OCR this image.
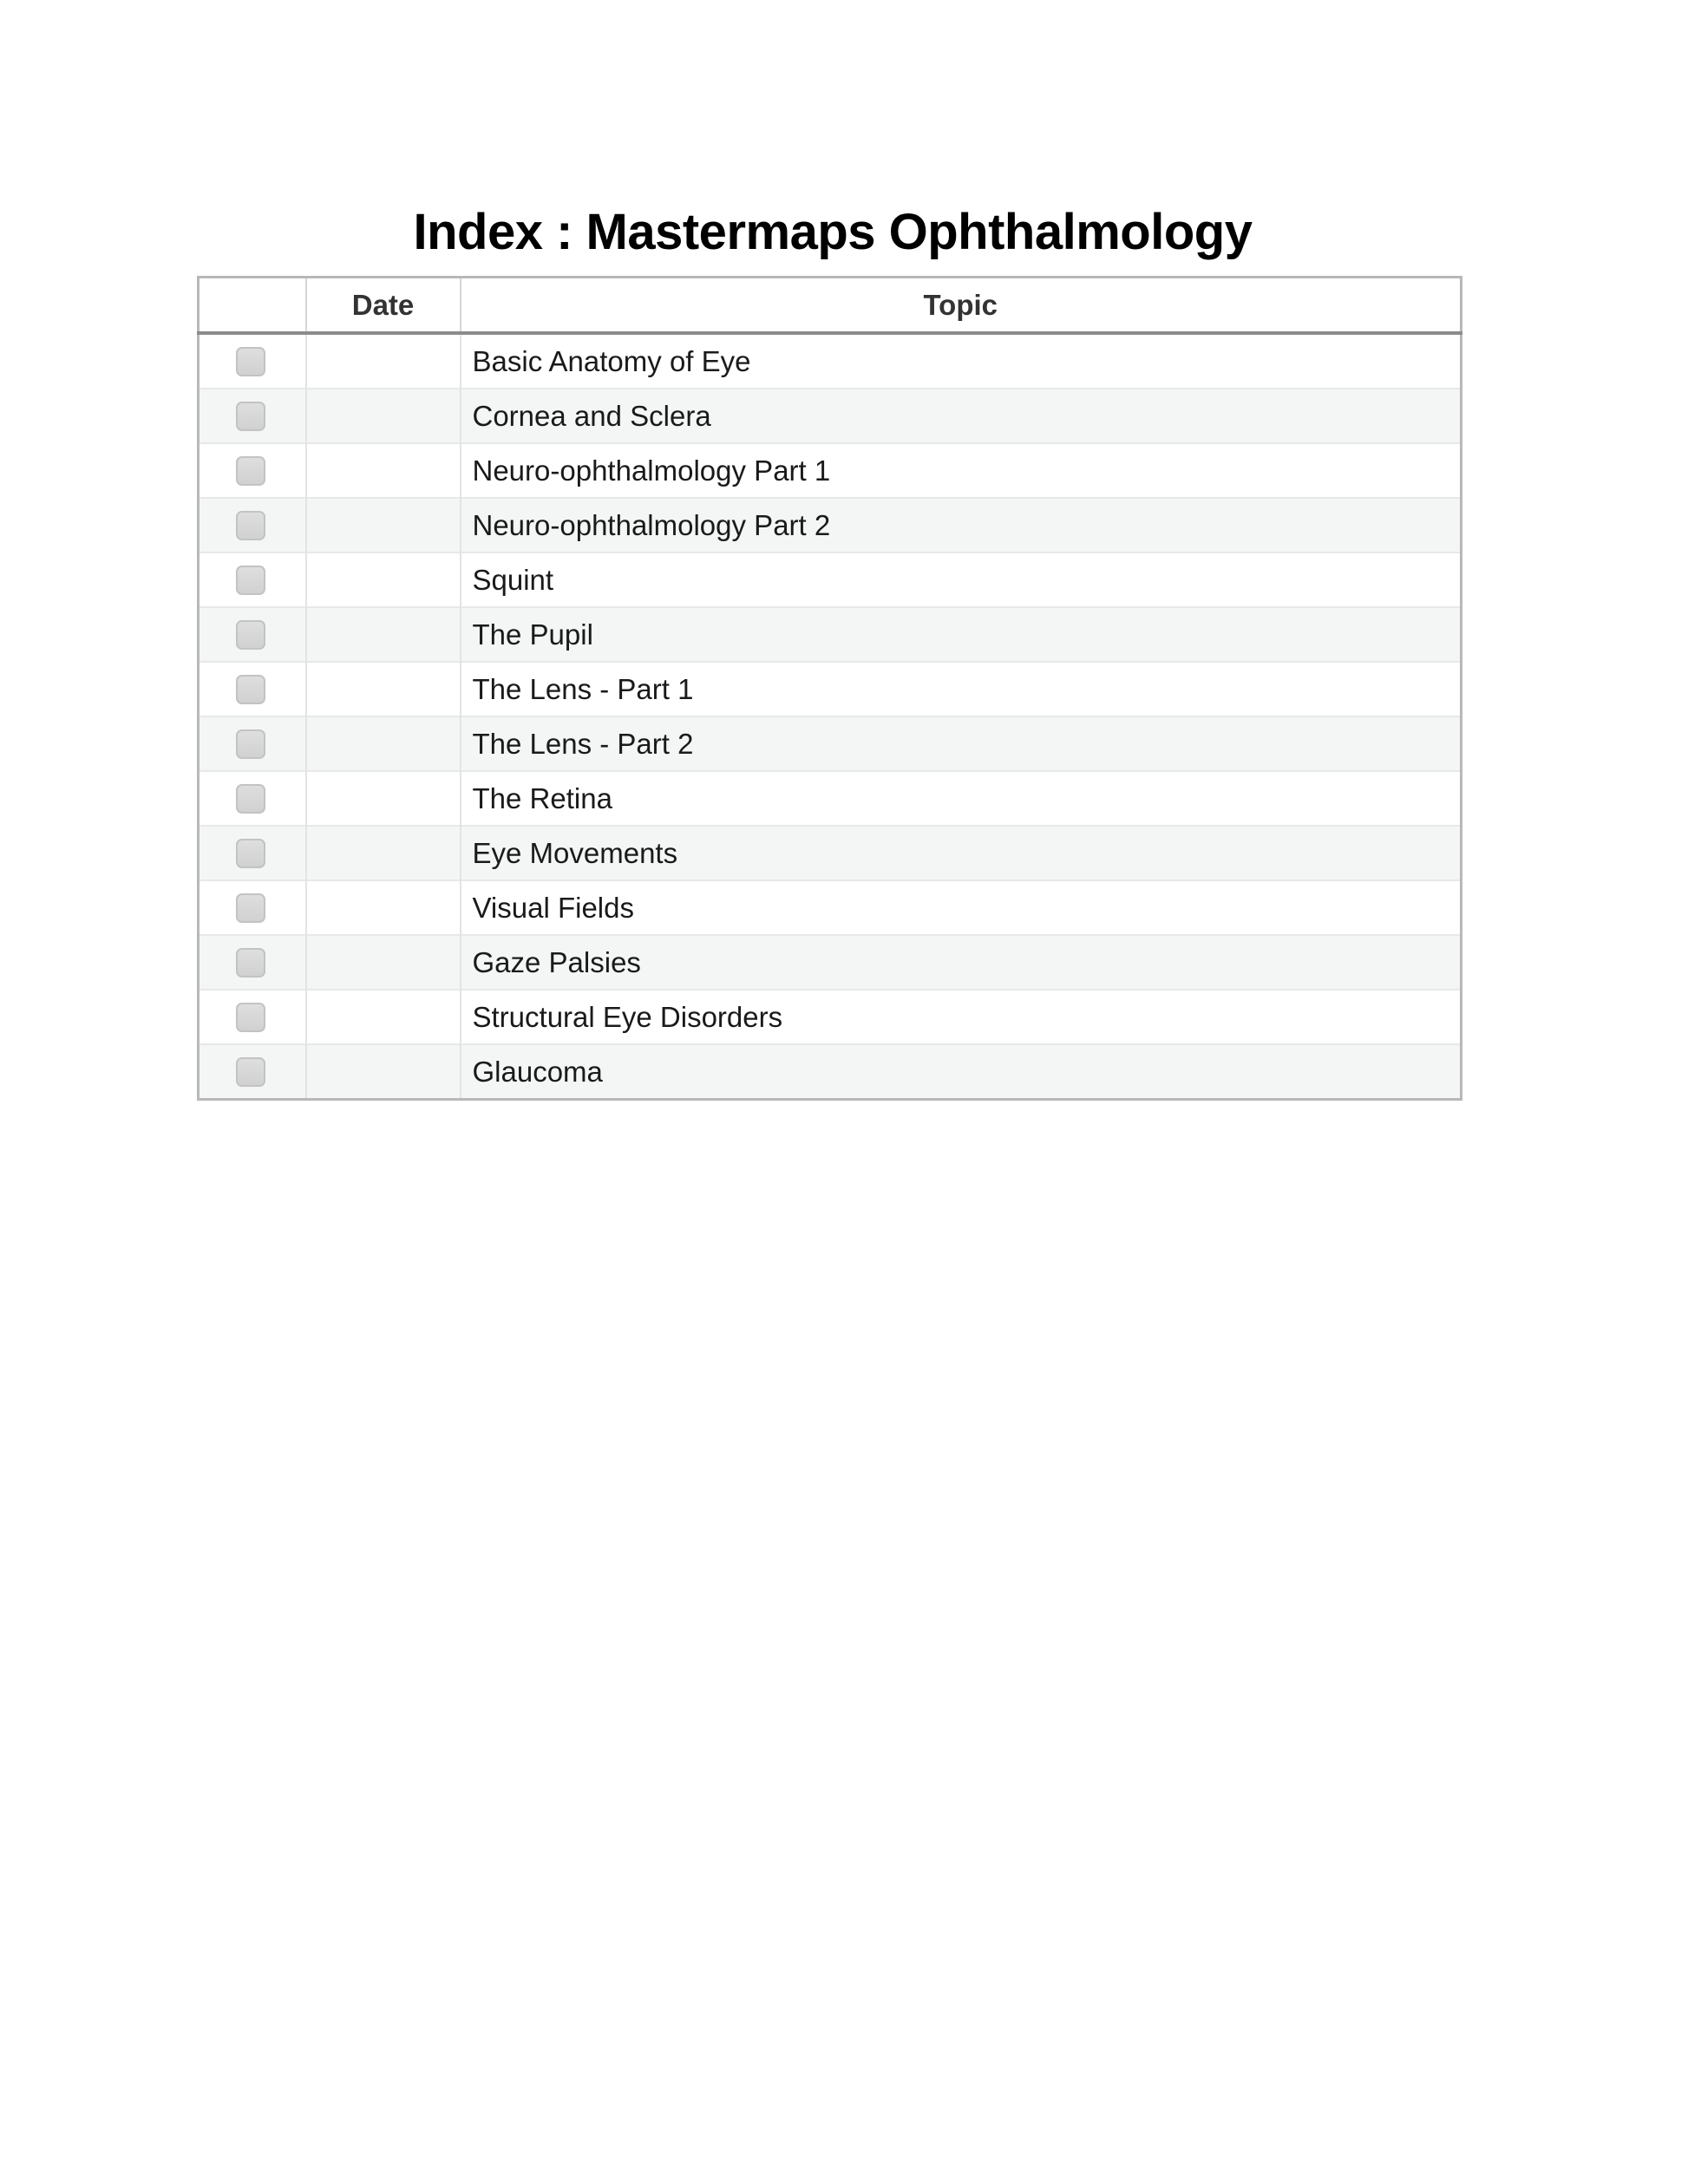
Index : Mastermaps Ophthalmology
	Date	Topic
		Basic Anatomy of Eye
		Cornea and Sclera
		Neuro-ophthalmology Part 1
		Neuro-ophthalmology Part 2
		Squint
		The Pupil
		The Lens - Part 1
		The Lens - Part 2
		The Retina
		Eye Movements
		Visual Fields
		Gaze Palsies
		Structural Eye Disorders
		Glaucoma
